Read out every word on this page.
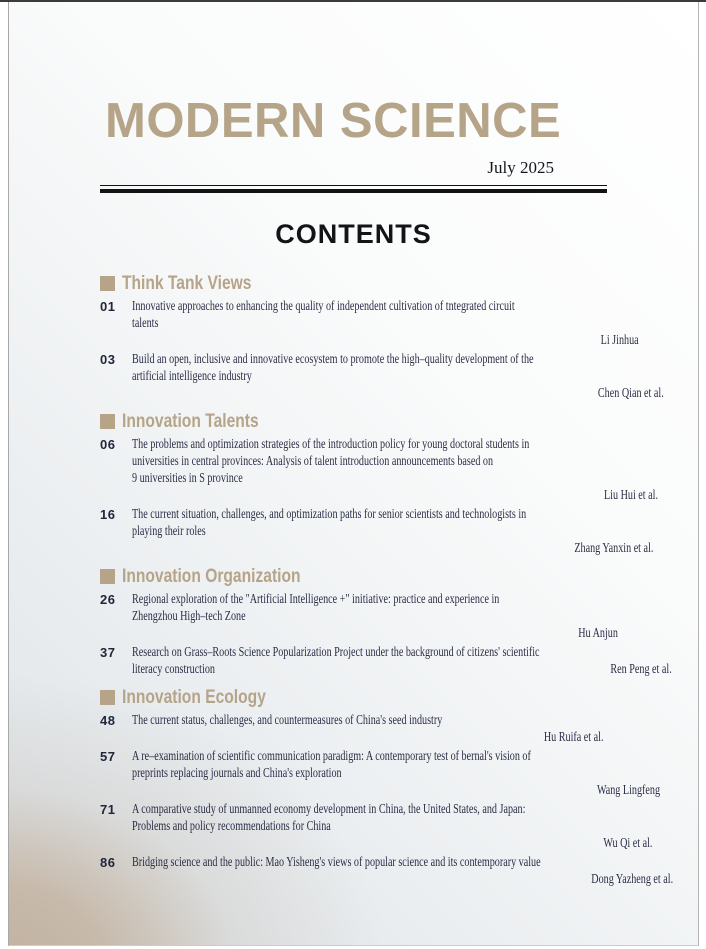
MODERN SCIENCE
July 2025
CONTENTS
Think Tank Views
01	Innovative approaches to enhancing the quality of independent cultivation of tntegrated circuit
talents
Li Jinhua
03	Build an open, inclusive and innovative ecosystem to promote the high–quality development of the
artificial intelligence industry
Chen Qian et al.
Innovation Talents
06	The problems and optimization strategies of the introduction policy for young doctoral students in
universities in central provinces: Analysis of talent introduction announcements based on
9 universities in S province
Liu Hui et al.
16	The current situation, challenges, and optimization paths for senior scientists and technologists in
playing their roles
Zhang Yanxin et al.
Innovation Organization
26	Regional exploration of the "Artificial Intelligence +" initiative: practice and experience in
Zhengzhou High–tech Zone
Hu Anjun
37	Research on Grass–Roots Science Popularization Project under the background of citizens' scientific
literacy construction	Ren Peng et al.
Innovation Ecology
48	The current status, challenges, and countermeasures of China's seed industry
Hu Ruifa et al.
57	A re–examination of scientific communication paradigm: A contemporary test of bernal's vision of
preprints replacing journals and China's exploration
Wang Lingfeng
71	A comparative study of unmanned economy development in China, the United States, and Japan:
Problems and policy recommendations for China
Wu Qi et al.
86	Bridging science and the public: Mao Yisheng's views of popular science and its contemporary value
Dong Yazheng et al.
